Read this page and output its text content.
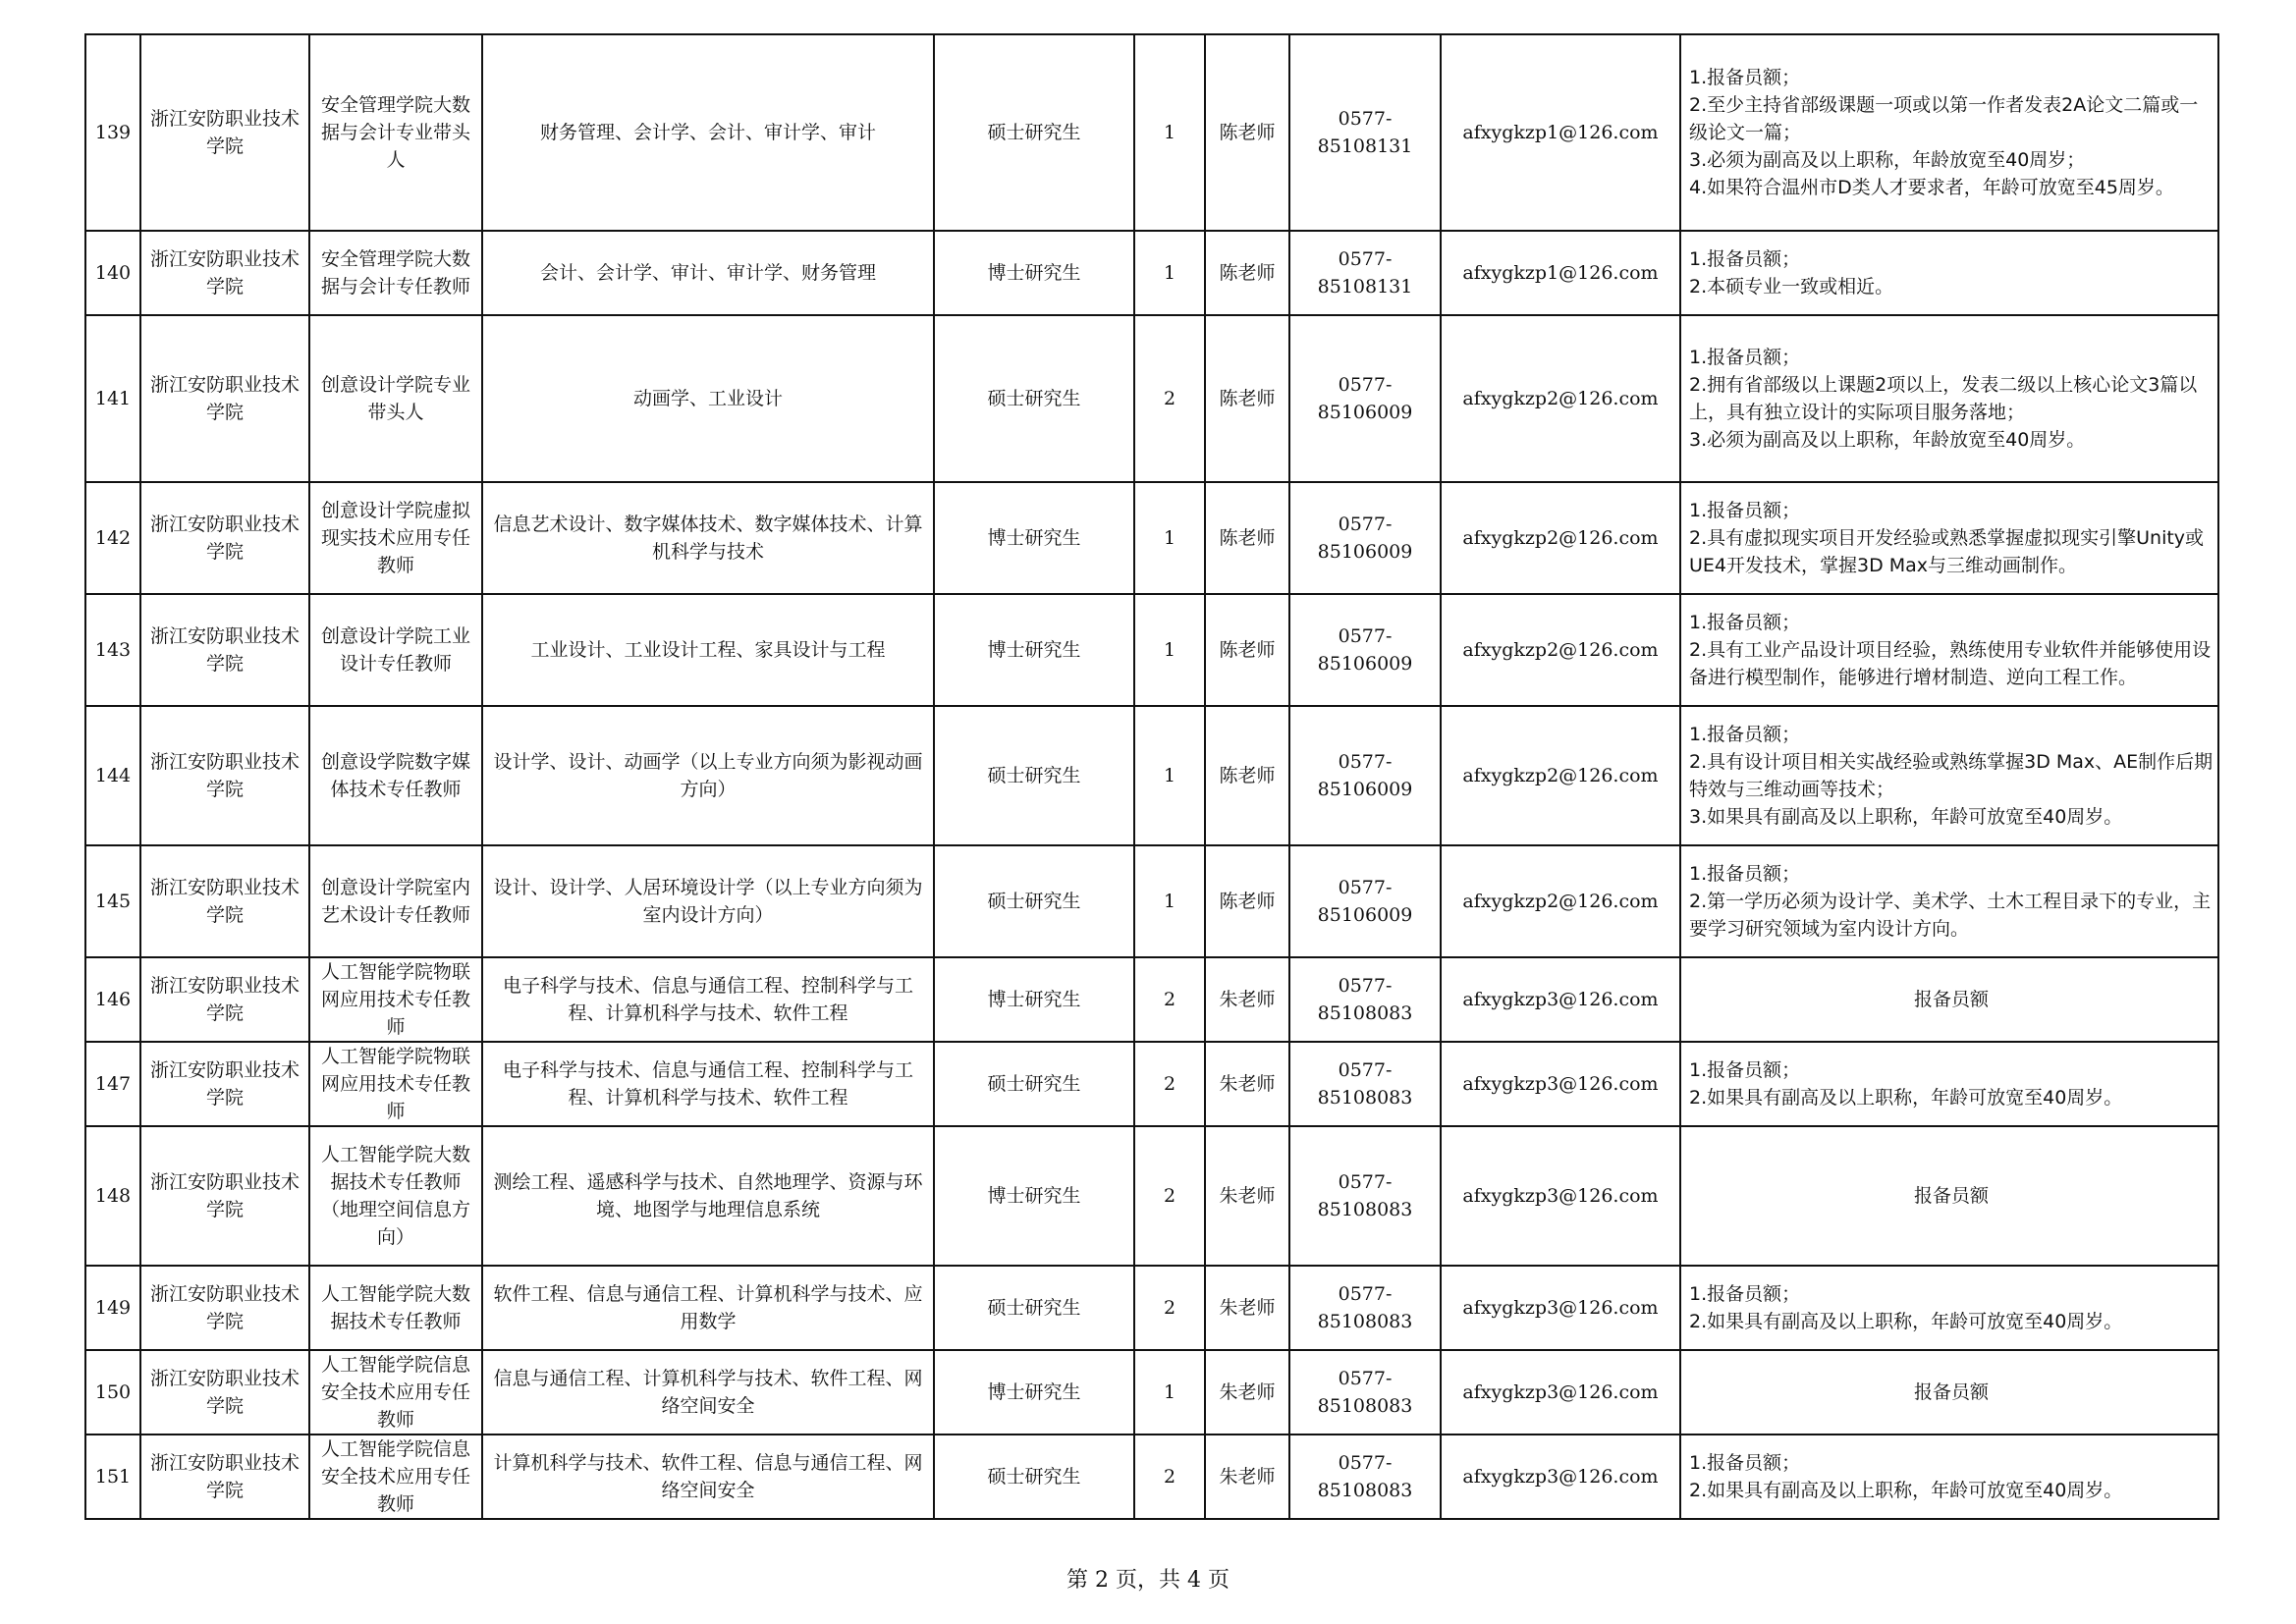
139	浙江安防职业技术学院	安全管理学院大数据与会计专业带头人	财务管理、会计学、会计、审计学、审计	硕士研究生	1	陈老师	0577-85108131	afxygkzp1@126.com	1.报备员额；
2.至少主持省部级课题一项或以第一作者发表2A论文二篇或一级论文一篇；
3.必须为副高及以上职称，年龄放宽至40周岁；
4.如果符合温州市D类人才要求者，年龄可放宽至45周岁。

140	浙江安防职业技术学院	安全管理学院大数据与会计专任教师	会计、会计学、审计、审计学、财务管理	博士研究生	1	陈老师	0577-85108131	afxygkzp1@126.com	1.报备员额；
2.本硕专业一致或相近。

141	浙江安防职业技术学院	创意设计学院专业带头人	动画学、工业设计	硕士研究生	2	陈老师	0577-85106009	afxygkzp2@126.com	1.报备员额；
2.拥有省部级以上课题2项以上，发表二级以上核心论文3篇以上，具有独立设计的实际项目服务落地；
3.必须为副高及以上职称，年龄放宽至40周岁。

142	浙江安防职业技术学院	创意设计学院虚拟现实技术应用专任教师	信息艺术设计、数字媒体技术、数字媒体技术、计算机科学与技术	博士研究生	1	陈老师	0577-85106009	afxygkzp2@126.com	1.报备员额；
2.具有虚拟现实项目开发经验或熟悉掌握虚拟现实引擎Unity或UE4开发技术，掌握3D Max与三维动画制作。

143	浙江安防职业技术学院	创意设计学院工业设计专任教师	工业设计、工业设计工程、家具设计与工程	博士研究生	1	陈老师	0577-85106009	afxygkzp2@126.com	1.报备员额；
2.具有工业产品设计项目经验，熟练使用专业软件并能够使用设备进行模型制作，能够进行增材制造、逆向工程工作。

144	浙江安防职业技术学院	创意设学院数字媒体技术专任教师	设计学、设计、动画学（以上专业方向须为影视动画方向）	硕士研究生	1	陈老师	0577-85106009	afxygkzp2@126.com	1.报备员额；
2.具有设计项目相关实战经验或熟练掌握3D Max、AE制作后期特效与三维动画等技术；
3.如果具有副高及以上职称，年龄可放宽至40周岁。

145	浙江安防职业技术学院	创意设计学院室内艺术设计专任教师	设计、设计学、人居环境设计学（以上专业方向须为室内设计方向）	硕士研究生	1	陈老师	0577-85106009	afxygkzp2@126.com	1.报备员额；
2.第一学历必须为设计学、美术学、土木工程目录下的专业，主要学习研究领域为室内设计方向。

146	浙江安防职业技术学院	人工智能学院物联网应用技术专任教师	电子科学与技术、信息与通信工程、控制科学与工程、计算机科学与技术、软件工程	博士研究生	2	朱老师	0577-85108083	afxygkzp3@126.com	报备员额

147	浙江安防职业技术学院	人工智能学院物联网应用技术专任教师	电子科学与技术、信息与通信工程、控制科学与工程、计算机科学与技术、软件工程	硕士研究生	2	朱老师	0577-85108083	afxygkzp3@126.com	1.报备员额；
2.如果具有副高及以上职称，年龄可放宽至40周岁。

148	浙江安防职业技术学院	人工智能学院大数据技术专任教师（地理空间信息方向）	测绘工程、遥感科学与技术、自然地理学、资源与环境、地图学与地理信息系统	博士研究生	2	朱老师	0577-85108083	afxygkzp3@126.com	报备员额

149	浙江安防职业技术学院	人工智能学院大数据技术专任教师	软件工程、信息与通信工程、计算机科学与技术、应用数学	硕士研究生	2	朱老师	0577-85108083	afxygkzp3@126.com	1.报备员额；
2.如果具有副高及以上职称，年龄可放宽至40周岁。

150	浙江安防职业技术学院	人工智能学院信息安全技术应用专任教师	信息与通信工程、计算机科学与技术、软件工程、网络空间安全	博士研究生	1	朱老师	0577-85108083	afxygkzp3@126.com	报备员额

151	浙江安防职业技术学院	人工智能学院信息安全技术应用专任教师	计算机科学与技术、软件工程、信息与通信工程、网络空间安全	硕士研究生	2	朱老师	0577-85108083	afxygkzp3@126.com	1.报备员额；
2.如果具有副高及以上职称，年龄可放宽至40周岁。
第 2 页，共 4 页
